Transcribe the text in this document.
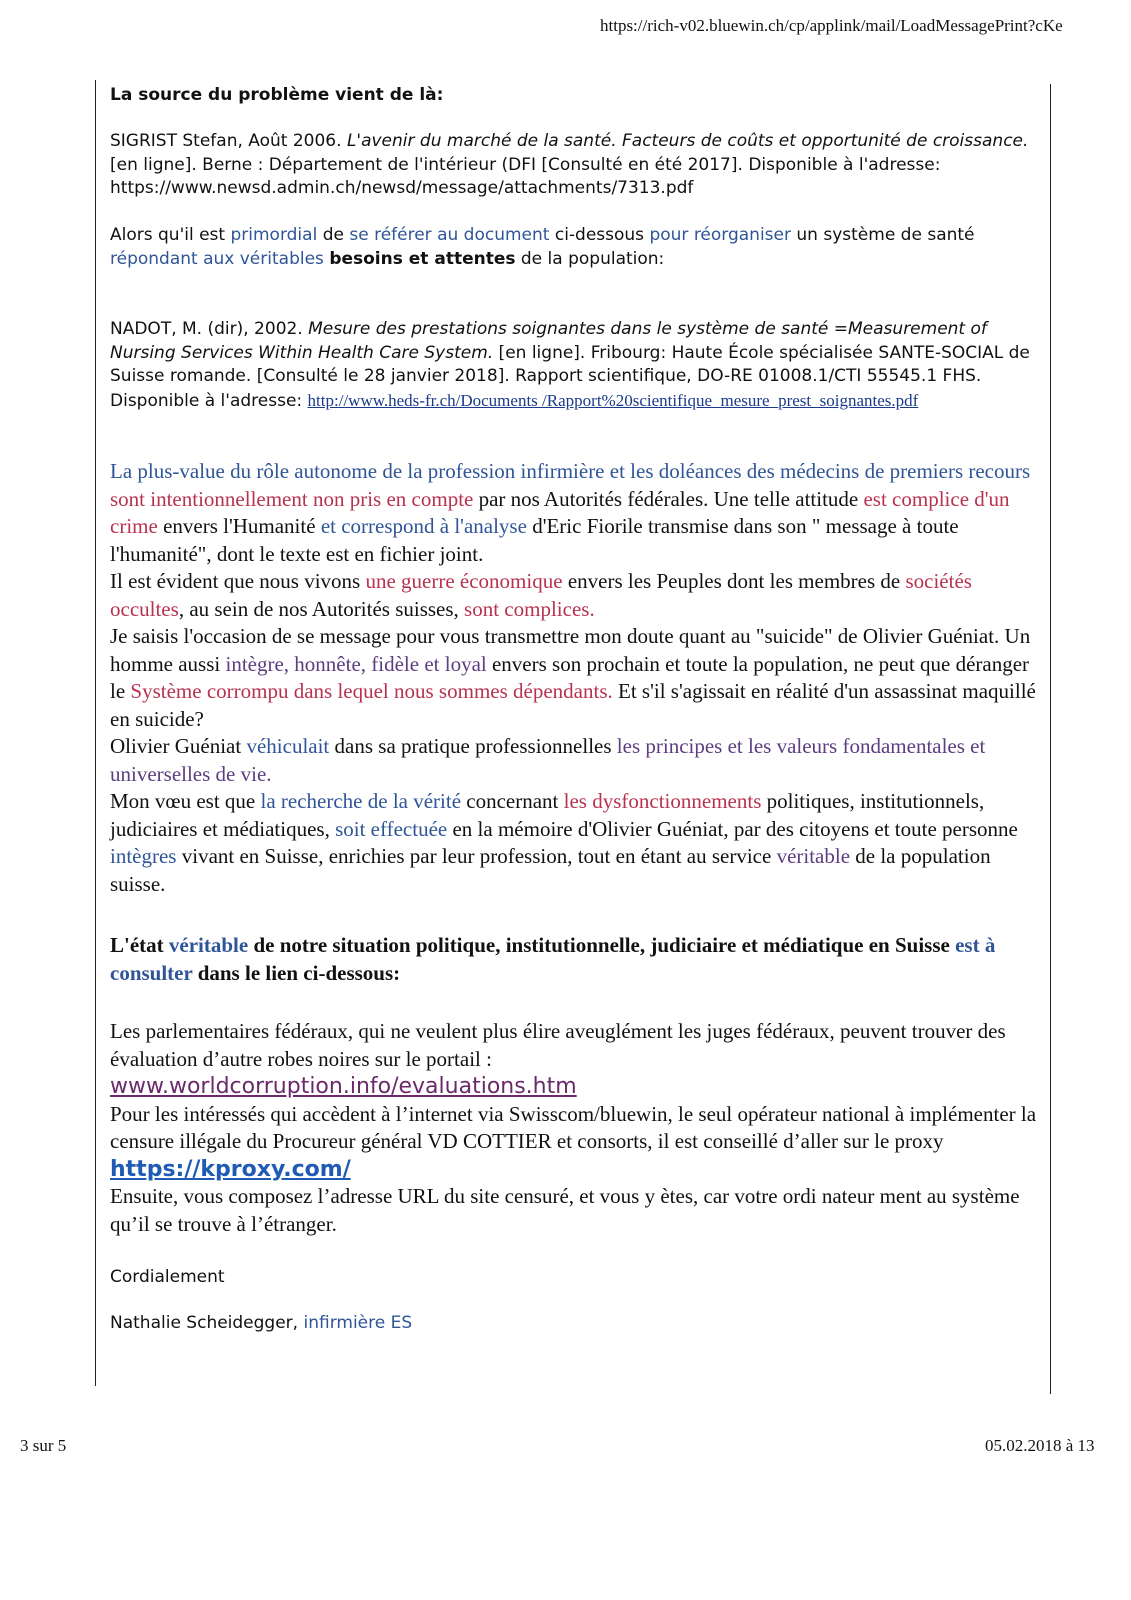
https://rich-v02.bluewin.ch/cp/applink/mail/LoadMessagePrint?cKe
La source du problème vient de là:
SIGRIST Stefan, Août 2006. L'avenir du marché de la santé. Facteurs de coûts et opportunité de croissance. [en ligne]. Berne : Département de l'intérieur (DFI [Consulté en été 2017]. Disponible à l'adresse: https://www.newsd.admin.ch/newsd/message/attachments/7313.pdf
Alors qu'il est primordial de se référer au document ci-dessous pour réorganiser un système de santé répondant aux véritables besoins et attentes de la population:
NADOT, M. (dir), 2002. Mesure des prestations soignantes dans le système de santé =Measurement of Nursing Services Within Health Care System. [en ligne]. Fribourg: Haute École spécialisée SANTE-SOCIAL de Suisse romande. [Consulté le 28 janvier 2018]. Rapport scientifique, DO-RE 01008.1/CTI 55545.1 FHS. Disponible à l'adresse: http://www.heds-fr.ch/Documents /Rapport%20scientifique_mesure_prest_soignantes.pdf
La plus-value du rôle autonome de la profession infirmière et les doléances des médecins de premiers recours sont intentionnellement non pris en compte par nos Autorités fédérales. Une telle attitude est complice d'un crime envers l'Humanité et correspond à l'analyse d'Eric Fiorile transmise dans son " message à toute l'humanité", dont le texte est en fichier joint.
Il est évident que nous vivons une guerre économique envers les Peuples dont les membres de sociétés occultes, au sein de nos Autorités suisses, sont complices.
Je saisis l'occasion de se message pour vous transmettre mon doute quant au "suicide" de Olivier Guéniat. Un homme aussi intègre, honnête, fidèle et loyal envers son prochain et toute la population, ne peut que déranger le Système corrompu dans lequel nous sommes dépendants. Et s'il s'agissait en réalité d'un assassinat maquillé en suicide?
Olivier Guéniat véhiculait dans sa pratique professionnelles les principes et les valeurs fondamentales et universelles de vie.
Mon vœu est que la recherche de la vérité concernant les dysfonctionnements politiques, institutionnels, judiciaires et médiatiques, soit effectuée en la mémoire d'Olivier Guéniat, par des citoyens et toute personne intègres vivant en Suisse, enrichies par leur profession, tout en étant au service véritable de la population suisse.
L'état véritable de notre situation politique, institutionnelle, judiciaire et médiatique en Suisse est à consulter dans le lien ci-dessous:
Les parlementaires fédéraux, qui ne veulent plus élire aveuglément les juges fédéraux, peuvent trouver des évaluation d’autre robes noires sur le portail :
www.worldcorruption.info/evaluations.htm
Pour les intéressés qui accèdent à l’internet via Swisscom/bluewin, le seul opérateur national à implémenter la censure illégale du Procureur général VD COTTIER et consorts, il est conseillé d’aller sur le proxy https://kproxy.com/
Ensuite, vous composez l’adresse URL du site censuré, et vous y ètes, car votre ordi nateur ment au système qu’il se trouve à l’étranger.
Cordialement
Nathalie Scheidegger, infirmière ES
3 sur 5	05.02.2018 à 13
